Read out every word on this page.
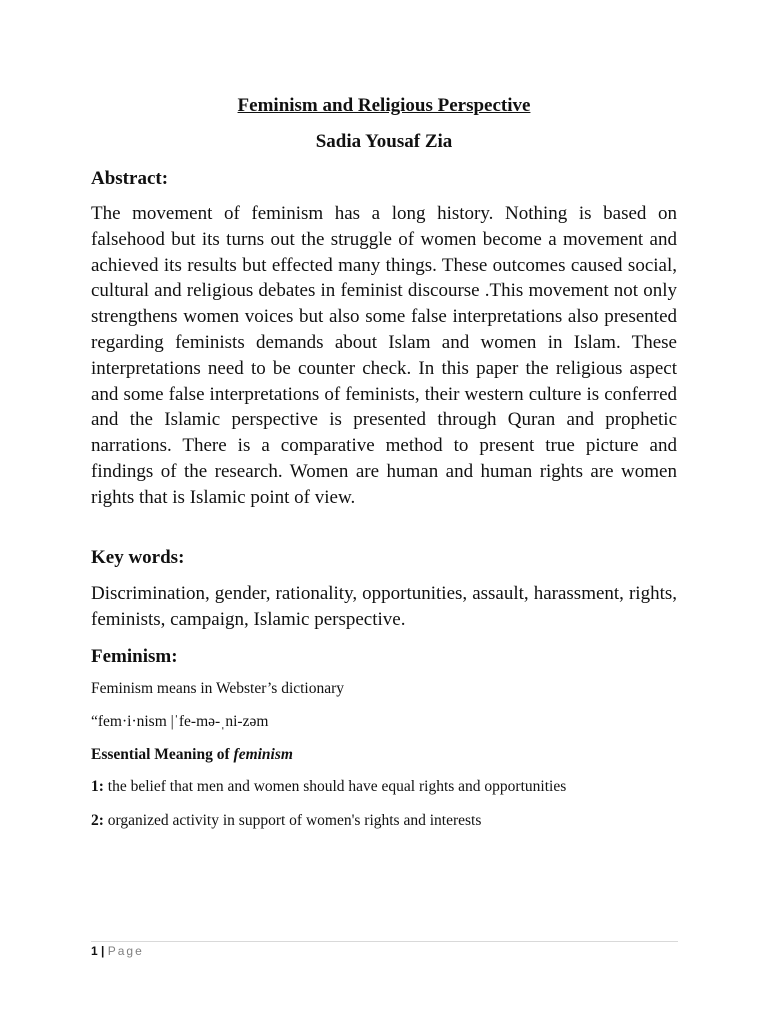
Feminism and Religious Perspective
Sadia Yousaf Zia
Abstract:

The movement of feminism has a long history. Nothing is based on falsehood but its turns out the struggle of women become a movement and achieved its results but effected many things. These outcomes caused social, cultural and religious debates in feminist discourse .This movement not only strengthens women voices but also some false interpretations also presented regarding feminists demands about Islam and women in Islam. These interpretations need to be counter check. In this paper the religious aspect and some false interpretations of feminists, their western culture is conferred and the Islamic perspective is presented through Quran and prophetic narrations. There is a comparative method to present true picture and findings of the research. Women are human and human rights are women rights that is Islamic point of view.

Key words:

Discrimination, gender, rationality, opportunities, assault, harassment, rights, feminists, campaign, Islamic perspective.

Feminism:
Feminism means in Webster’s dictionary
“fem·i·nism |ˈfe-mə-ˌni-zəm
Essential Meaning of feminism
1: the belief that men and women should have equal rights and opportunities
2: organized activity in support of women's rights and interests
1 | Page
